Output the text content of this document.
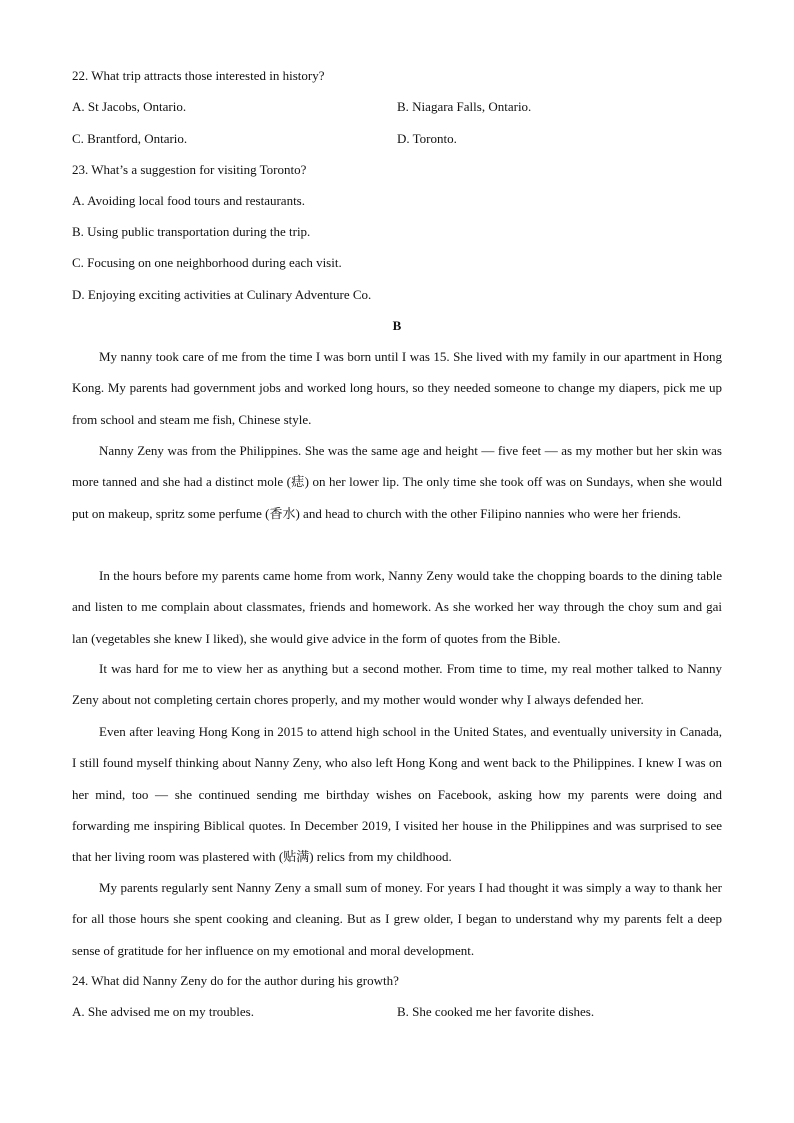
22. What trip attracts those interested in history?
A. St Jacobs, Ontario.	B. Niagara Falls, Ontario.
C. Brantford, Ontario.	D. Toronto.
23. What’s a suggestion for visiting Toronto?
A. Avoiding local food tours and restaurants.
B. Using public transportation during the trip.
C. Focusing on one neighborhood during each visit.
D. Enjoying exciting activities at Culinary Adventure Co.
B

My nanny took care of me from the time I was born until I was 15. She lived with my family in our apartment in Hong Kong. My parents had government jobs and worked long hours, so they needed someone to change my diapers, pick me up from school and steam me fish, Chinese style.

Nanny Zeny was from the Philippines. She was the same age and height — five feet — as my mother but her skin was more tanned and she had a distinct mole (痣) on her lower lip. The only time she took off was on Sundays, when she would put on makeup, spritz some perfume (香水) and head to church with the other Filipino nannies who were her friends.

In the hours before my parents came home from work, Nanny Zeny would take the chopping boards to the dining table and listen to me complain about classmates, friends and homework. As she worked her way through the choy sum and gai lan (vegetables she knew I liked), she would give advice in the form of quotes from the Bible.

It was hard for me to view her as anything but a second mother. From time to time, my real mother talked to Nanny Zeny about not completing certain chores properly, and my mother would wonder why I always defended her.

Even after leaving Hong Kong in 2015 to attend high school in the United States, and eventually university in Canada, I still found myself thinking about Nanny Zeny, who also left Hong Kong and went back to the Philippines. I knew I was on her mind, too — she continued sending me birthday wishes on Facebook, asking how my parents were doing and forwarding me inspiring Biblical quotes. In December 2019, I visited her house in the Philippines and was surprised to see that her living room was plastered with (贴满) relics from my childhood.

My parents regularly sent Nanny Zeny a small sum of money. For years I had thought it was simply a way to thank her for all those hours she spent cooking and cleaning. But as I grew older, I began to understand why my parents felt a deep sense of gratitude for her influence on my emotional and moral development.

24. What did Nanny Zeny do for the author during his growth?
A. She advised me on my troubles.	B. She cooked me her favorite dishes.
